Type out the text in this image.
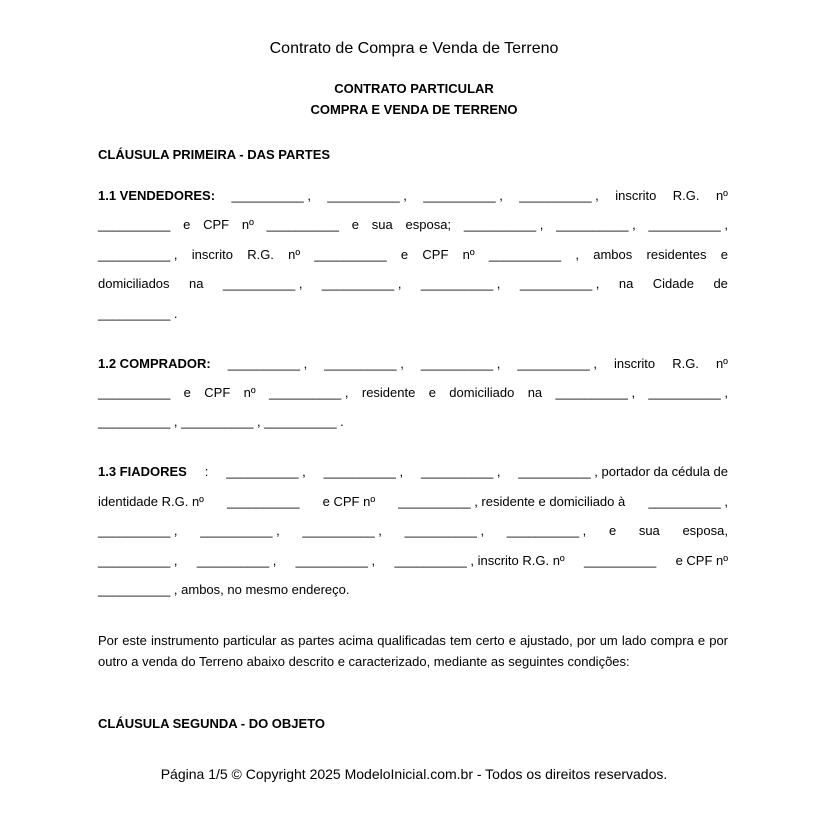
Contrato de Compra e Venda de Terreno
CONTRATO PARTICULAR
COMPRA E VENDA DE TERRENO
CLÁUSULA PRIMEIRA - DAS PARTES
1.1 VENDEDORES: __________ , __________ , __________ , __________ , inscrito R.G. nº
__________ e CPF nº __________ e sua esposa; __________ , __________ , __________ ,
__________ , inscrito R.G. nº __________ e CPF nº __________ , ambos residentes e
domiciliados na __________ , __________ , __________ , __________ , na Cidade de
__________ .
1.2 COMPRADOR: __________ , __________ , __________ , __________ , inscrito R.G. nº
__________ e CPF nº __________ , residente e domiciliado na __________ , __________ ,
__________ , __________ , __________ .
1.3 FIADORES : __________ , __________ , __________ , __________ , portador da cédula de
identidade R.G. nº __________ e CPF nº __________ , residente e domiciliado à __________ ,
__________ , __________ , __________ , __________ , __________ , e sua esposa,
__________ , __________ , __________ , __________ , inscrito R.G. nº __________ e CPF nº
__________ , ambos, no mesmo endereço.
Por este instrumento particular as partes acima qualificadas tem certo e ajustado, por um lado compra e por outro a venda do Terreno abaixo descrito e caracterizado, mediante as seguintes condições:
CLÁUSULA SEGUNDA - DO OBJETO
Página 1/5 © Copyright 2025 ModeloInicial.com.br - Todos os direitos reservados.
